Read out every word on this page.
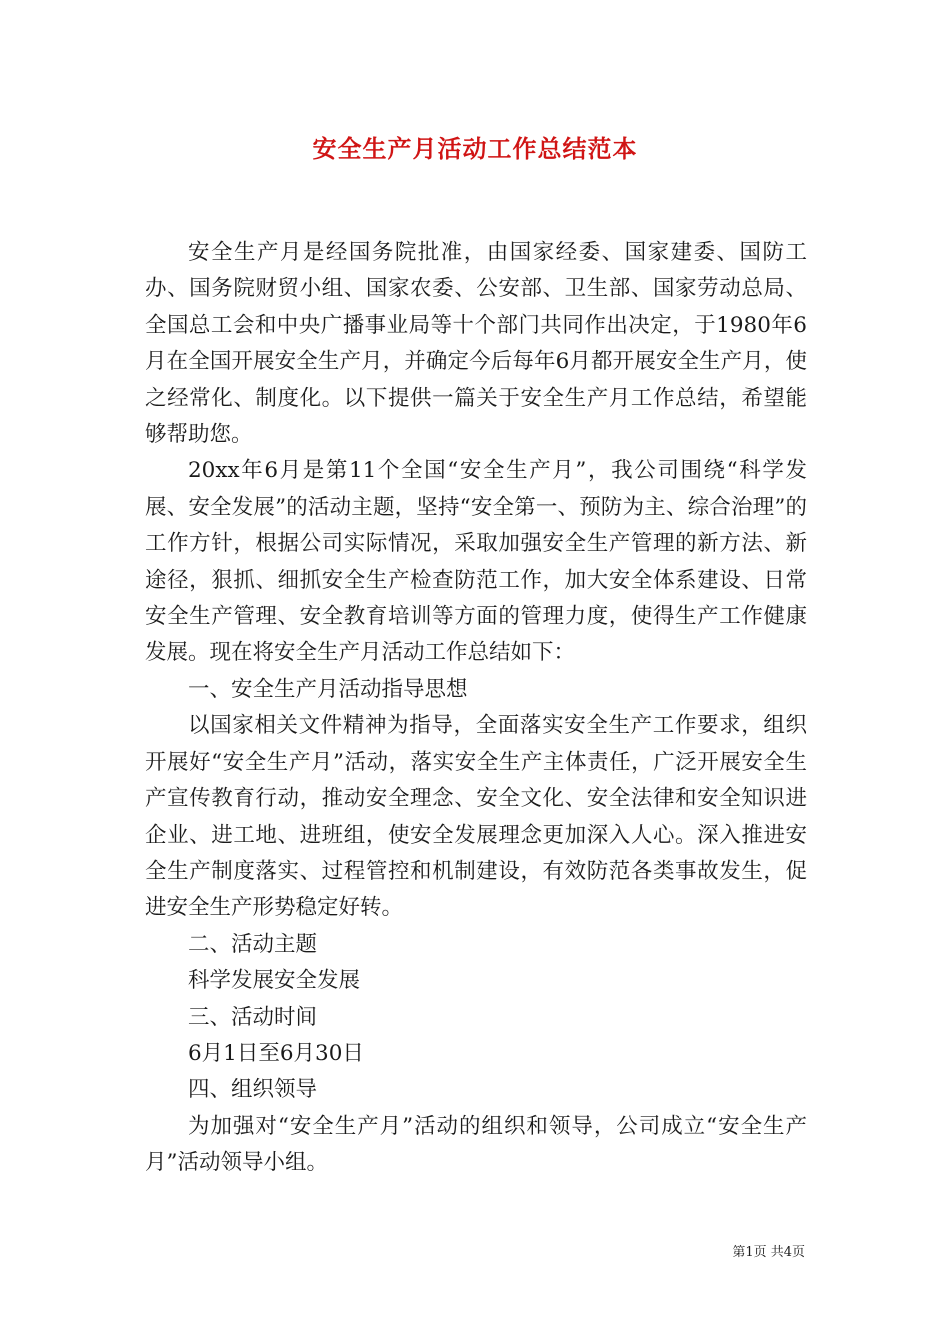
安全生产月活动工作总结范本

安全生产月是经国务院批准，由国家经委、国家建委、国防工办、国务院财贸小组、国家农委、公安部、卫生部、国家劳动总局、全国总工会和中央广播事业局等十个部门共同作出决定，于1980年6月在全国开展安全生产月，并确定今后每年6月都开展安全生产月，使之经常化、制度化。以下提供一篇关于安全生产月工作总结，希望能够帮助您。

20xx年6月是第11个全国“安全生产月”，我公司围绕“科学发展、安全发展”的活动主题，坚持“安全第一、预防为主、综合治理”的工作方针，根据公司实际情况，采取加强安全生产管理的新方法、新途径，狠抓、细抓安全生产检查防范工作，加大安全体系建设、日常安全生产管理、安全教育培训等方面的管理力度，使得生产工作健康发展。现在将安全生产月活动工作总结如下：

一、安全生产月活动指导思想

以国家相关文件精神为指导，全面落实安全生产工作要求，组织开展好“安全生产月”活动，落实安全生产主体责任，广泛开展安全生产宣传教育行动，推动安全理念、安全文化、安全法律和安全知识进企业、进工地、进班组，使安全发展理念更加深入人心。深入推进安全生产制度落实、过程管控和机制建设，有效防范各类事故发生，促进安全生产形势稳定好转。

二、活动主题

科学发展安全发展

三、活动时间

6月1日至6月30日

四、组织领导

为加强对“安全生产月”活动的组织和领导，公司成立“安全生产月”活动领导小组。

第1页 共4页
